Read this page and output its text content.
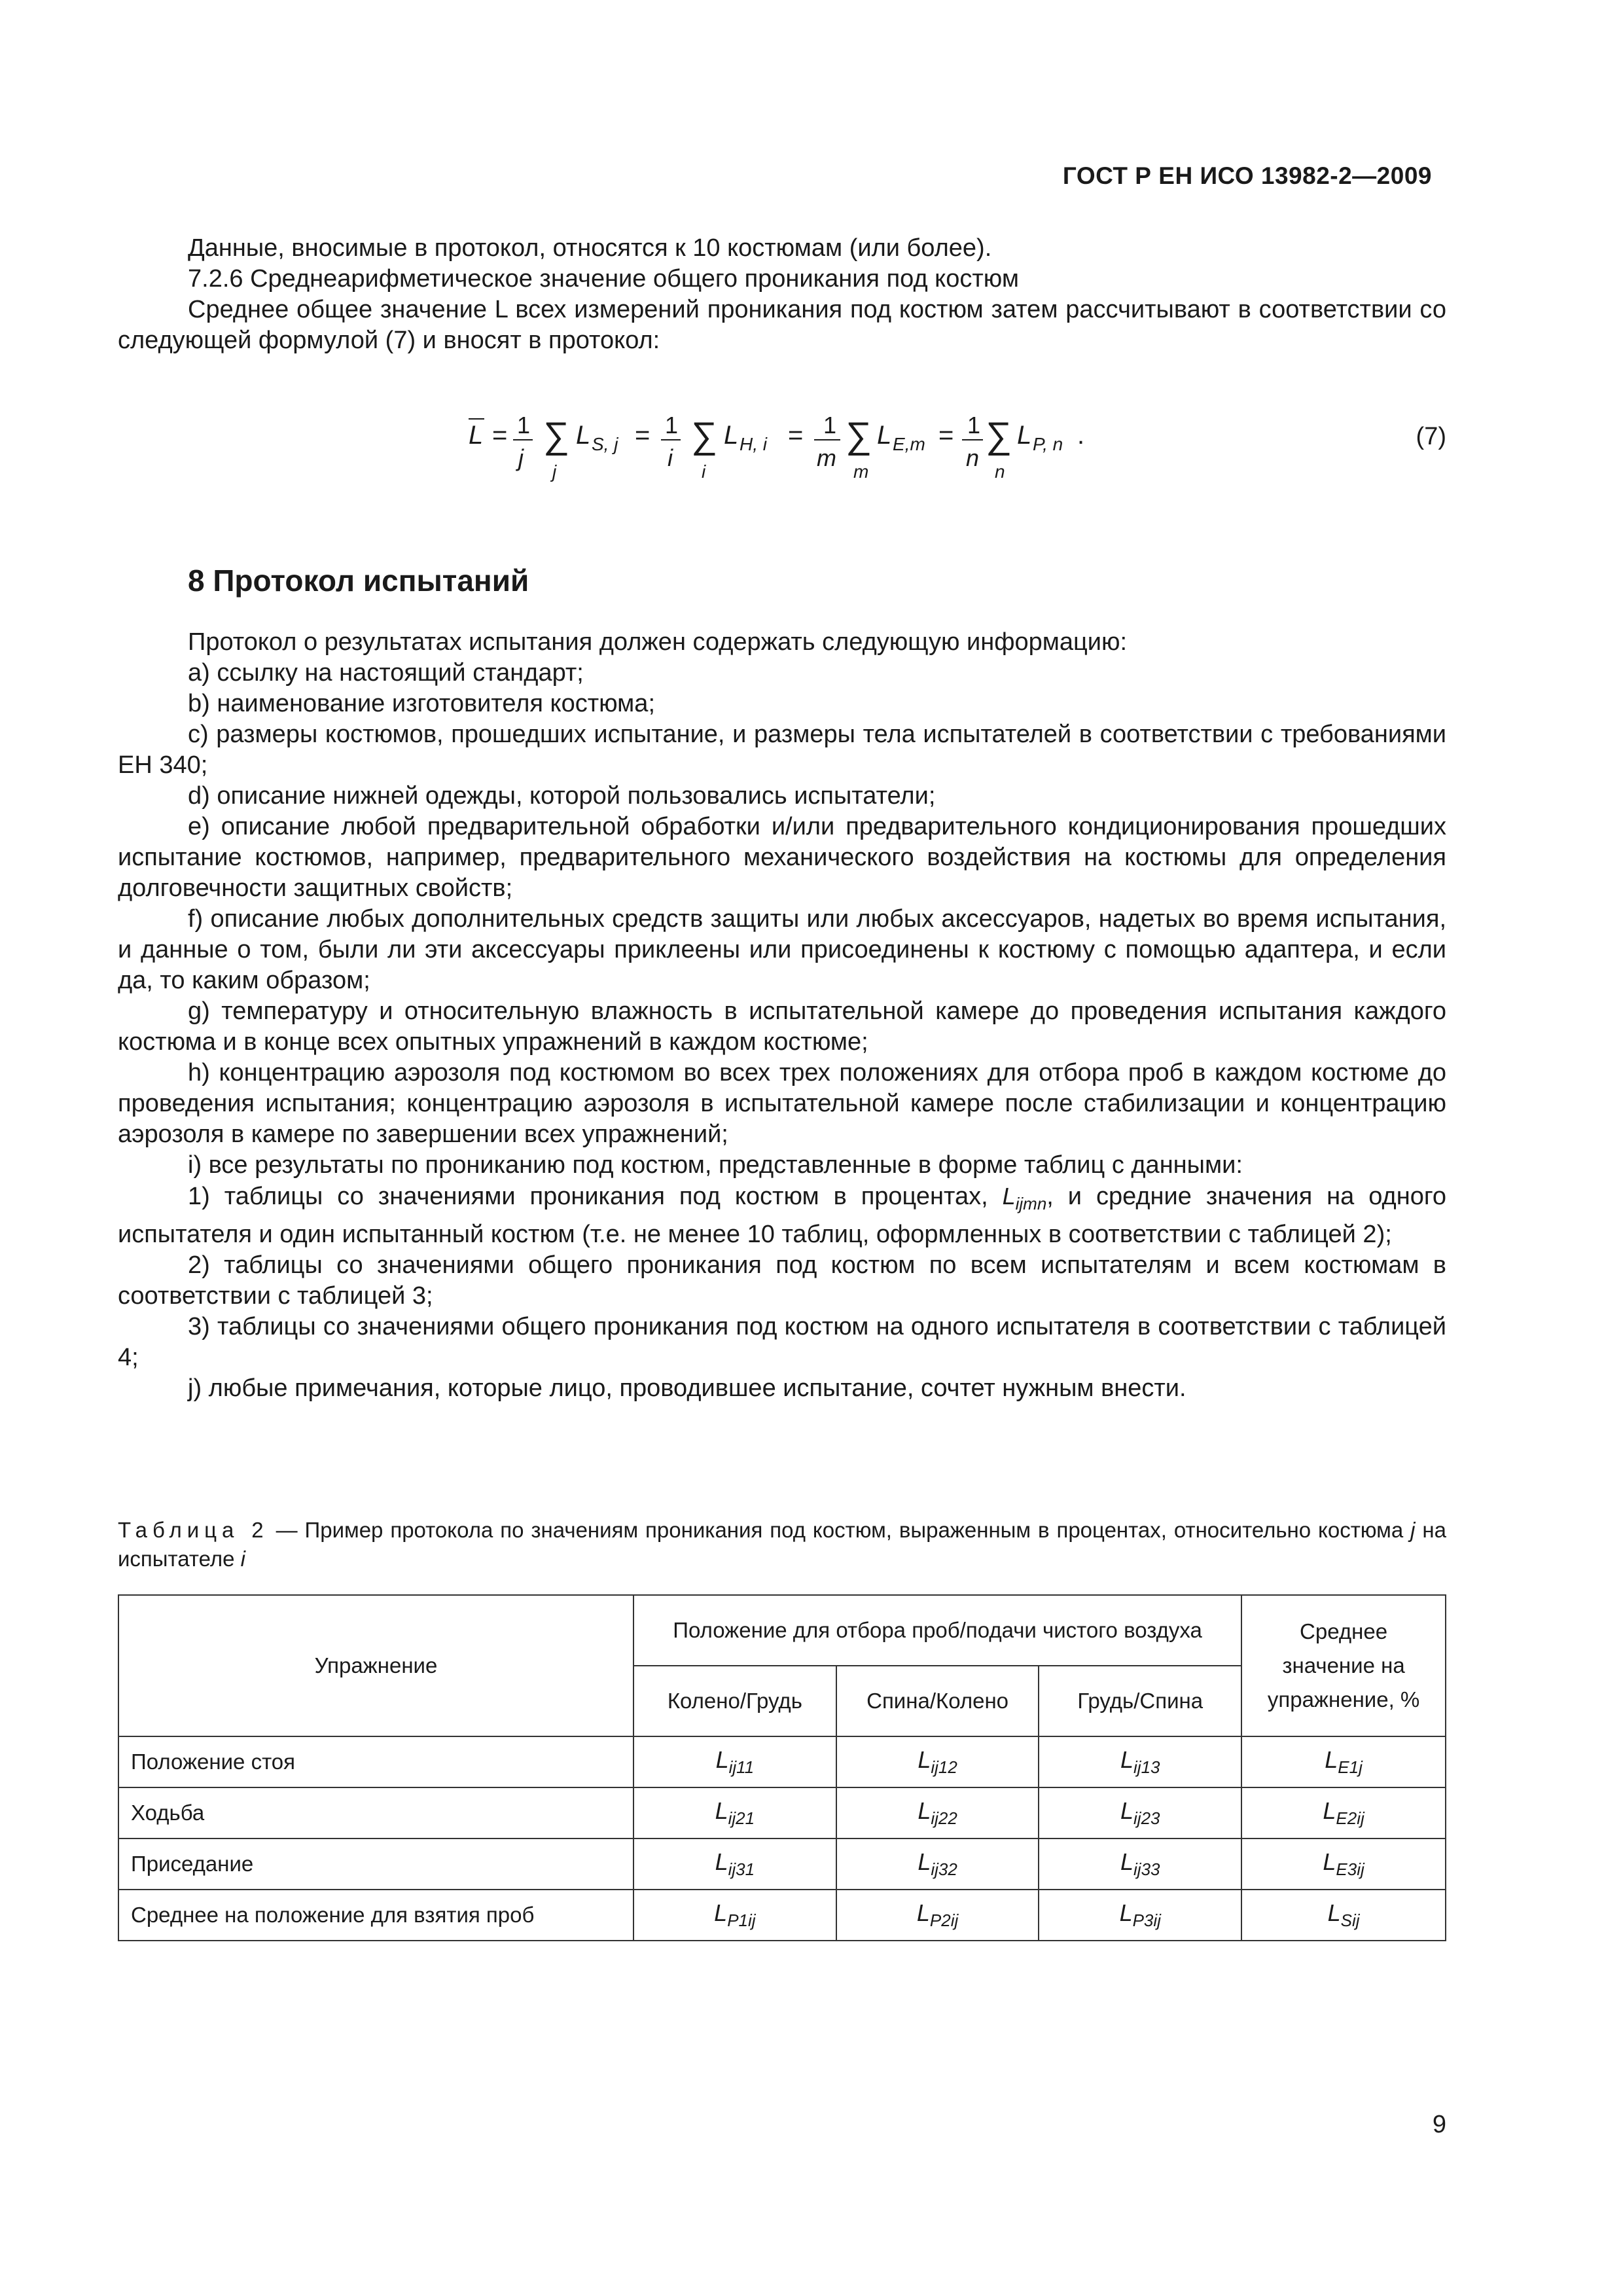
ГОСТ Р ЕН ИСО 13982-2—2009

Данные, вносимые в протокол, относятся к 10 костюмам (или более).

7.2.6 Среднеарифметическое значение общего проникания под костюм

Среднее общее значение L всех измерений проникания под костюм затем рассчитывают в соответствии со следующей формулой (7) и вносят в протокол:

L = 1
j
∑
j
L S, j = 1
i
∑
i
L H, i = 1
m
∑
m
L E,m = 1
n
∑
n
L P, n .	(7)
8 Протокол испытаний

Протокол о результатах испытания должен содержать следующую информацию:

a) ссылку на настоящий стандарт;

b) наименование изготовителя костюма;

c) размеры костюмов, прошедших испытание, и размеры тела испытателей в соответствии с требованиями ЕН 340;

d) описание нижней одежды, которой пользовались испытатели;

e) описание любой предварительной обработки и/или предварительного кондиционирования прошедших испытание костюмов, например, предварительного механического воздействия на костюмы для определения долговечности защитных свойств;

f) описание любых дополнительных средств защиты или любых аксессуаров, надетых во время испытания, и данные о том, были ли эти аксессуары приклеены или присоединены к костюму с помощью адаптера, и если да, то каким образом;

g) температуру и относительную влажность в испытательной камере до проведения испытания каждого костюма и в конце всех опытных упражнений в каждом костюме;

h) концентрацию аэрозоля под костюмом во всех трех положениях для отбора проб в каждом костюме до проведения испытания; концентрацию аэрозоля в испытательной камере после стабилизации и концентрацию аэрозоля в камере по завершении всех упражнений;

i) все результаты по прониканию под костюм, представленные в форме таблиц с данными:

1) таблицы со значениями проникания под костюм в процентах, $L_{ijmn}$, и средние значения на одного испытателя и один испытанный костюм (т.е. не менее 10 таблиц, оформленных в соответствии с таблицей 2);

2) таблицы со значениями общего проникания под костюм по всем испытателям и всем костюмам в соответствии с таблицей 3;

3) таблицы со значениями общего проникания под костюм на одного испытателя в соответствии с таблицей 4;

j) любые примечания, которые лицо, проводившее испытание, сочтет нужным внести.

Таблица 2 — Пример протокола по значениям проникания под костюм, выраженным в процентах, относительно костюма j на испытателе i
Упражнение	Положение для отбора проб/подачи чистого воздуха			Среднее значение на упражнение, %
	Колено/Грудь	Спина/Колено	Грудь/Спина	
Положение стоя	$L_{ij11}$	$L_{ij12}$	$L_{ij13}$	$L_{E1j}$
Ходьба	$L_{ij21}$	$L_{ij22}$	$L_{ij23}$	$L_{E2ij}$
Приседание	$L_{ij31}$	$L_{ij32}$	$L_{ij33}$	$L_{E3ij}$
Среднее на положение для взятия проб	$L_{P1ij}$	$L_{P2ij}$	$L_{P3ij}$	$L_{Sij}$
9
